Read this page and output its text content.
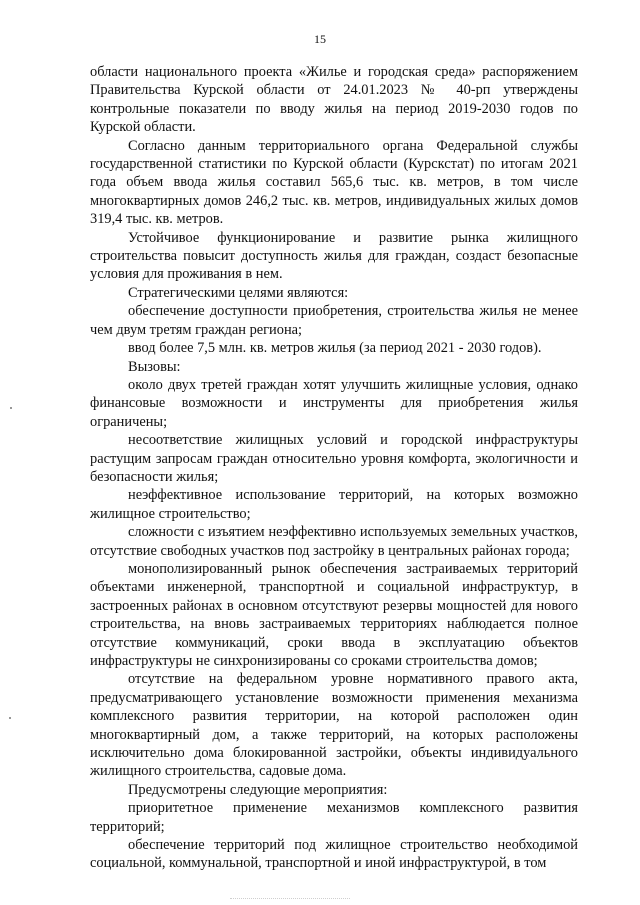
15

области национального проекта «Жилье и городская среда» распоряжением Правительства Курской области от 24.01.2023 № 40-рп утверждены контрольные показатели по вводу жилья на период 2019-2030 годов по Курской области.

Согласно данным территориального органа Федеральной службы государственной статистики по Курской области (Курскстат) по итогам 2021 года объем ввода жилья составил 565,6 тыс. кв. метров, в том числе многоквартирных домов 246,2 тыс. кв. метров, индивидуальных жилых домов 319,4 тыс. кв. метров.

Устойчивое функционирование и развитие рынка жилищного строительства повысит доступность жилья для граждан, создаст безопасные условия для проживания в нем.

Стратегическими целями являются:

обеспечение доступности приобретения, строительства жилья не менее чем двум третям граждан региона;

ввод более 7,5 млн. кв. метров жилья (за период 2021 - 2030 годов).

Вызовы:

около двух третей граждан хотят улучшить жилищные условия, однако финансовые возможности и инструменты для приобретения жилья ограничены;

несоответствие жилищных условий и городской инфраструктуры растущим запросам граждан относительно уровня комфорта, экологичности и безопасности жилья;

неэффективное использование территорий, на которых возможно жилищное строительство;

сложности с изъятием неэффективно используемых земельных участков, отсутствие свободных участков под застройку в центральных районах города;

монополизированный рынок обеспечения застраиваемых территорий объектами инженерной, транспортной и социальной инфраструктур, в застроенных районах в основном отсутствуют резервы мощностей для нового строительства, на вновь застраиваемых территориях наблюдается полное отсутствие коммуникаций, сроки ввода в эксплуатацию объектов инфраструктуры не синхронизированы со сроками строительства домов;

отсутствие на федеральном уровне нормативного правого акта, предусматривающего установление возможности применения механизма комплексного развития территории, на которой расположен один многоквартирный дом, а также территорий, на которых расположены исключительно дома блокированной застройки, объекты индивидуального жилищного строительства, садовые дома.

Предусмотрены следующие мероприятия:

приоритетное применение механизмов комплексного развития территорий;

обеспечение территорий под жилищное строительство необходимой социальной, коммунальной, транспортной и иной инфраструктурой, в том
